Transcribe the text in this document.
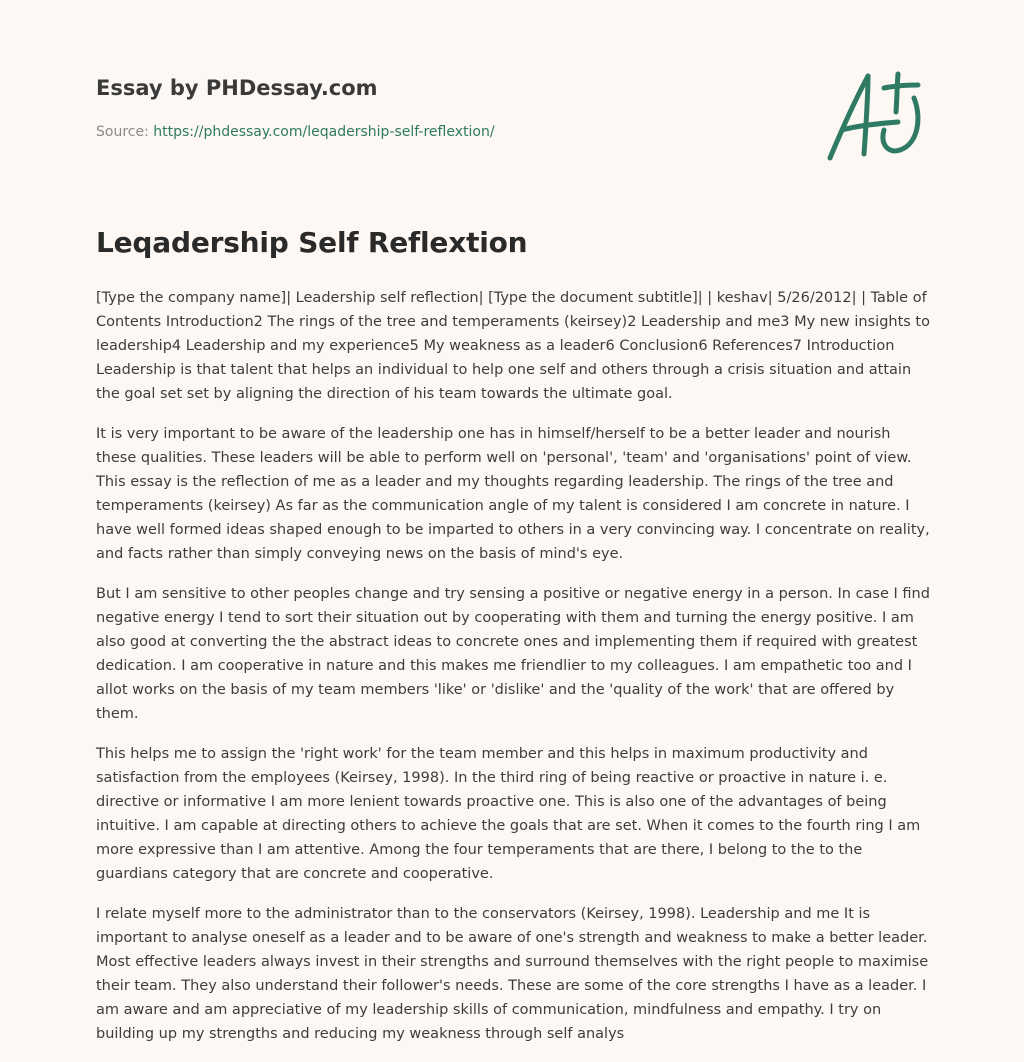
Essay by PHDessay.com

Source: https://phdessay.com/leqadership-self-reflextion/

Leqadership Self Reflextion

[Type the company name]| Leadership self reflection| [Type the document subtitle]| | keshav| 5/26/2012| | Table of Contents Introduction2 The rings of the tree and temperaments (keirsey)2 Leadership and me3 My new insights to leadership4 Leadership and my experience5 My weakness as a leader6 Conclusion6 References7 Introduction Leadership is that talent that helps an individual to help one self and others through a crisis situation and attain the goal set set by aligning the direction of his team towards the ultimate goal.

It is very important to be aware of the leadership one has in himself/herself to be a better leader and nourish these qualities. These leaders will be able to perform well on 'personal', 'team' and 'organisations' point of view. This essay is the reflection of me as a leader and my thoughts regarding leadership. The rings of the tree and temperaments (keirsey) As far as the communication angle of my talent is considered I am concrete in nature. I have well formed ideas shaped enough to be imparted to others in a very convincing way. I concentrate on reality, and facts rather than simply conveying news on the basis of mind's eye.

But I am sensitive to other peoples change and try sensing a positive or negative energy in a person. In case I find negative energy I tend to sort their situation out by cooperating with them and turning the energy positive. I am also good at converting the the abstract ideas to concrete ones and implementing them if required with greatest dedication. I am cooperative in nature and this makes me friendlier to my colleagues. I am empathetic too and I allot works on the basis of my team members 'like' or 'dislike' and the 'quality of the work' that are offered by them.

This helps me to assign the 'right work' for the team member and this helps in maximum productivity and satisfaction from the employees (Keirsey, 1998). In the third ring of being reactive or proactive in nature i. e. directive or informative I am more lenient towards proactive one. This is also one of the advantages of being intuitive. I am capable at directing others to achieve the goals that are set. When it comes to the fourth ring I am more expressive than I am attentive. Among the four temperaments that are there, I belong to the to the guardians category that are concrete and cooperative.

I relate myself more to the administrator than to the conservators (Keirsey, 1998). Leadership and me It is important to analyse oneself as a leader and to be aware of one's strength and weakness to make a better leader. Most effective leaders always invest in their strengths and surround themselves with the right people to maximise their team. They also understand their follower's needs. These are some of the core strengths I have as a leader. I am aware and am appreciative of my leadership skills of communication, mindfulness and empathy. I try on building up my strengths and reducing my weakness through self analys
